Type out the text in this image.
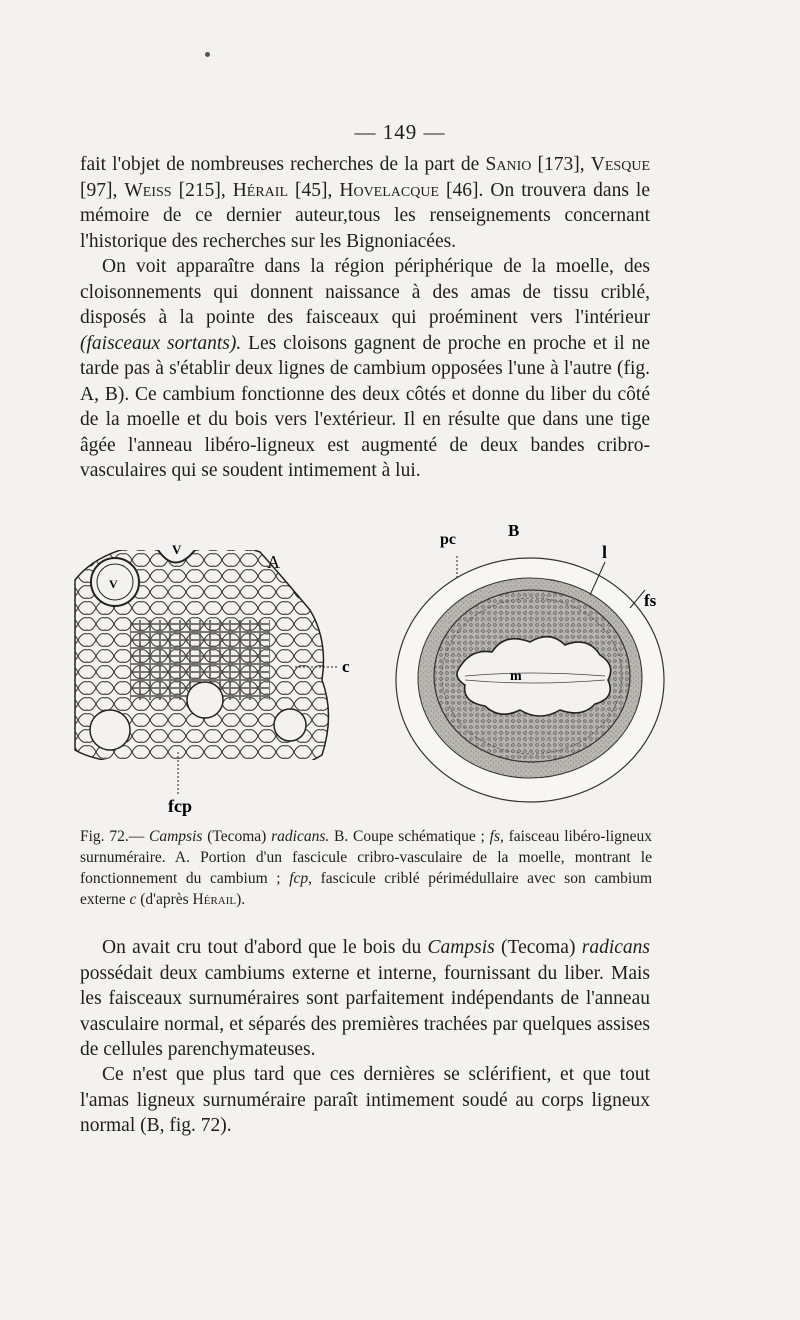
— 149 —

fait l'objet de nombreuses recherches de la part de Sanio [173], Vesque [97], Weiss [215], Hérail [45], Hovelacque [46]. On trouvera dans le mémoire de ce dernier auteur,tous les renseignements concernant l'historique des recherches sur les Bignoniacées.

On voit apparaître dans la région périphérique de la moelle, des cloisonnements qui donnent naissance à des amas de tissu criblé, disposés à la pointe des faisceaux qui proéminent vers l'intérieur (faisceaux sortants). Les cloisons gagnent de proche en proche et il ne tarde pas à s'établir deux lignes de cambium opposées l'une à l'autre (fig. A, B). Ce cambium fonctionne des deux côtés et donne du liber du côté de la moelle et du bois vers l'extérieur. Il en résulte que dans une tige âgée l'anneau libéro-ligneux est augmenté de deux bandes cribro-vasculaires qui se soudent intimement à lui.

V
V
A
c
fcp
pc	B
l
fs
m

Fig. 72.— Campsis (Tecoma) radicans. B. Coupe schématique ; fs, faisceau libéro-ligneux surnuméraire. A. Portion d'un fascicule cribro-vasculaire de la moelle, montrant le fonctionnement du cambium ; fcp, fascicule criblé périmédullaire avec son cambium externe c (d'après Hérail).

On avait cru tout d'abord que le bois du Campsis (Tecoma) radicans possédait deux cambiums externe et interne, fournissant du liber. Mais les faisceaux surnuméraires sont parfaitement indépendants de l'anneau vasculaire normal, et séparés des premières trachées par quelques assises de cellules parenchymateuses.

Ce n'est que plus tard que ces dernières se sclérifient, et que tout l'amas ligneux surnuméraire paraît intimement soudé au corps ligneux normal (B, fig. 72).
